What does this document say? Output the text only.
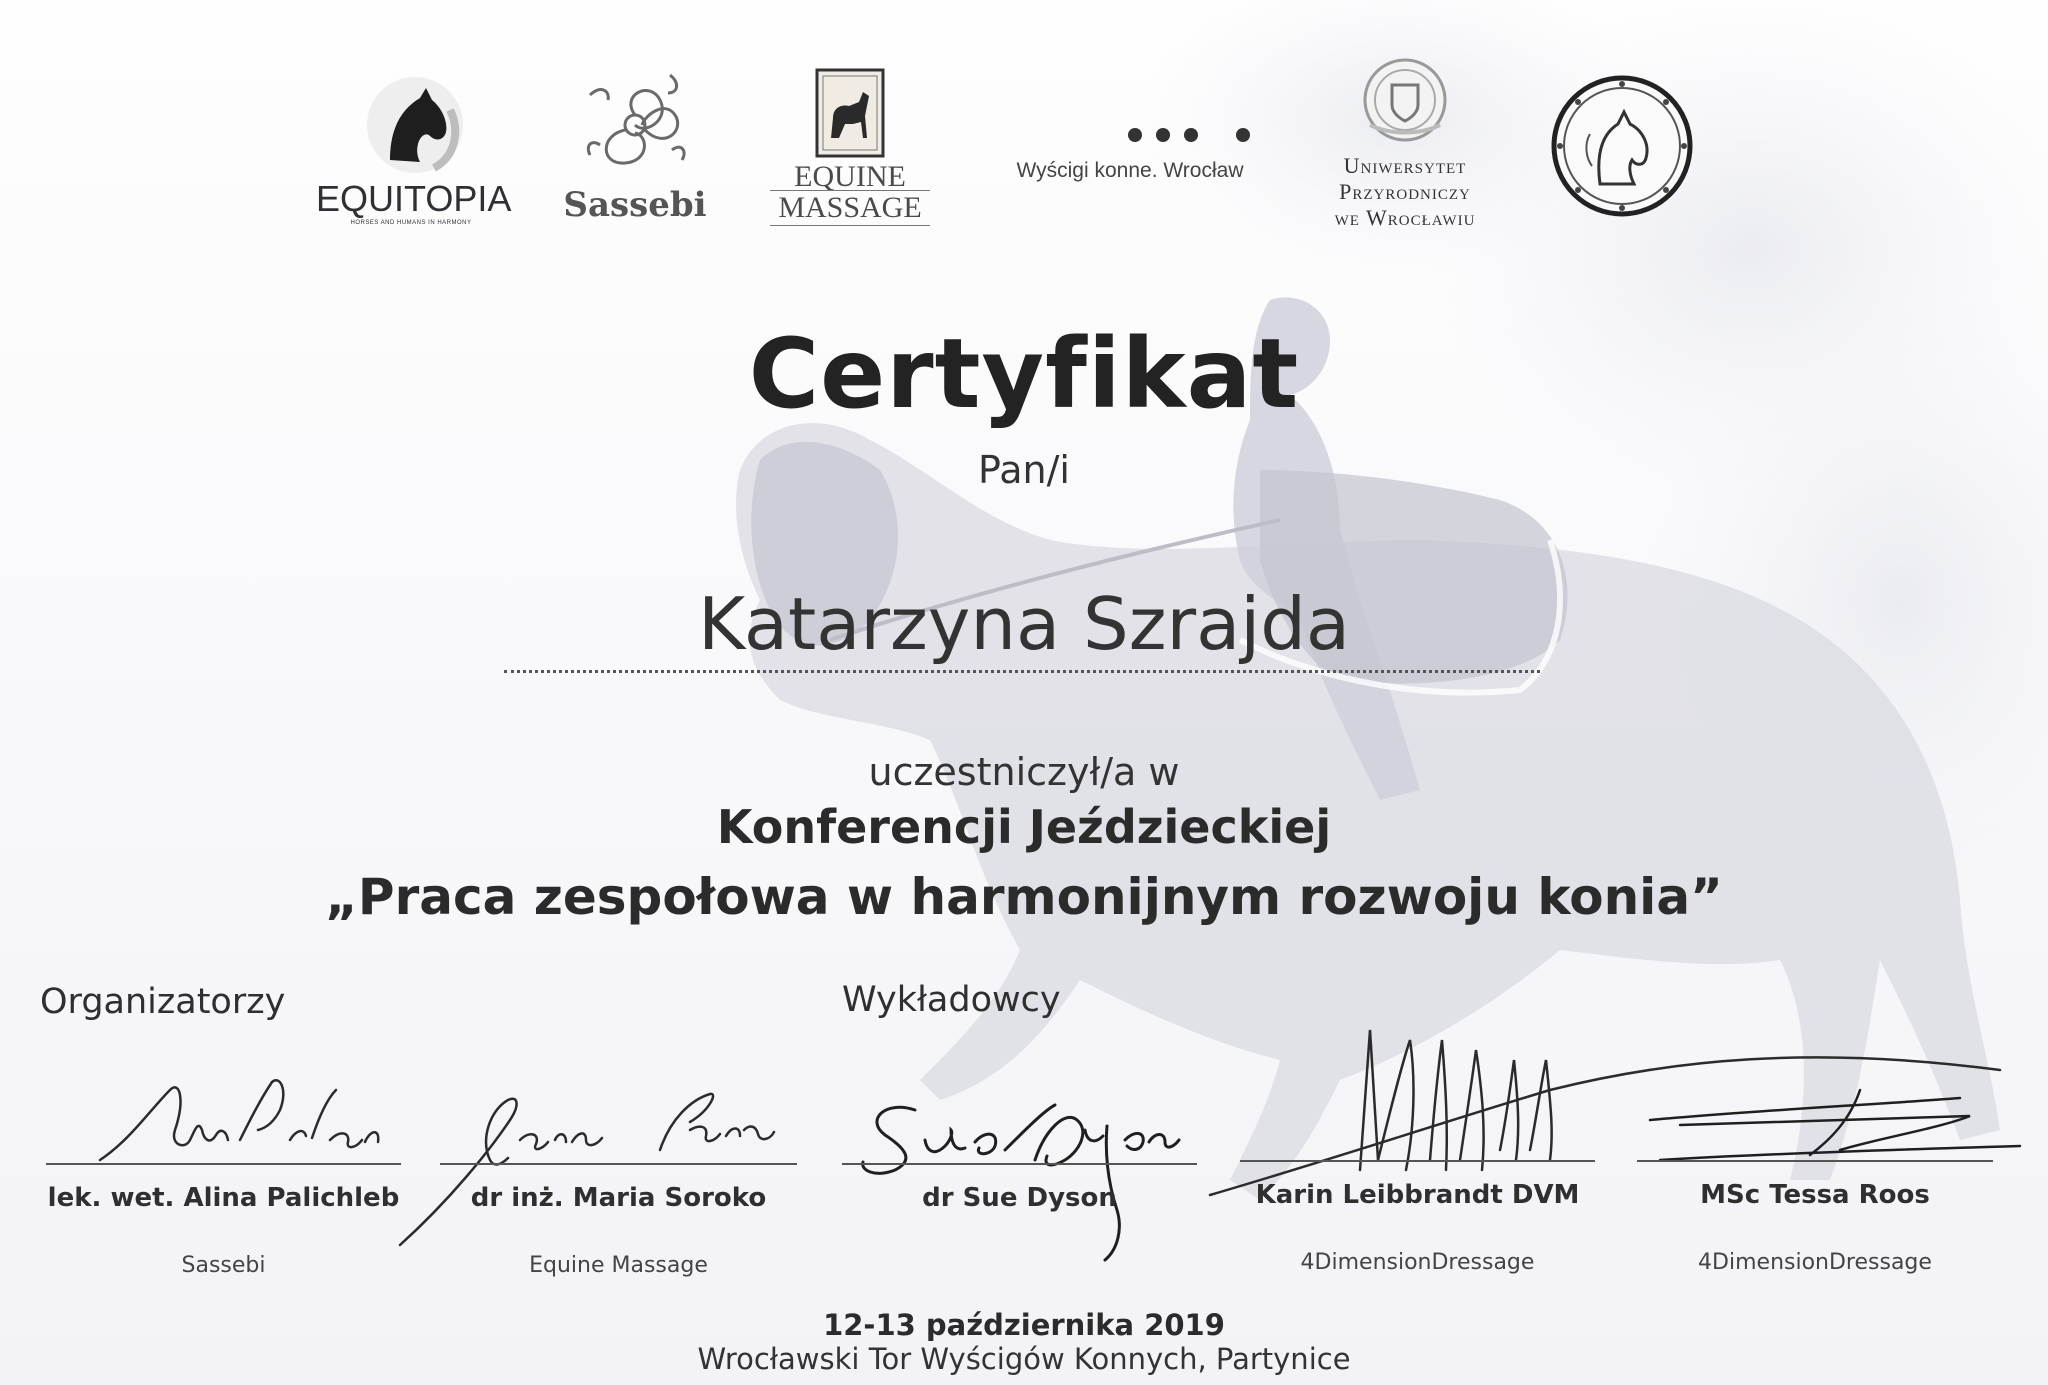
EQUITOPIA
HORSES AND HUMANS IN HARMONY	Sassebi
EQUINE
MASSAGE
Wyścigi konne. Wrocław	Uniwersytet
Przyrodniczy
we Wrocławiu
Certyfikat
Pan/i
Katarzyna Szrajda
uczestniczył/a w
Konferencji Jeździeckiej
„Praca zespołowa w harmonijnym rozwoju konia”
Organizatorzy	Wykładowcy
lek. wet. Alina Palichleb
Sassebi
dr inż. Maria Soroko
Equine Massage
dr Sue Dyson	Karin Leibbrandt DVM
4DimensionDressage
MSc Tessa Roos
4DimensionDressage
12-13 października 2019
Wrocławski Tor Wyścigów Konnych, Partynice
